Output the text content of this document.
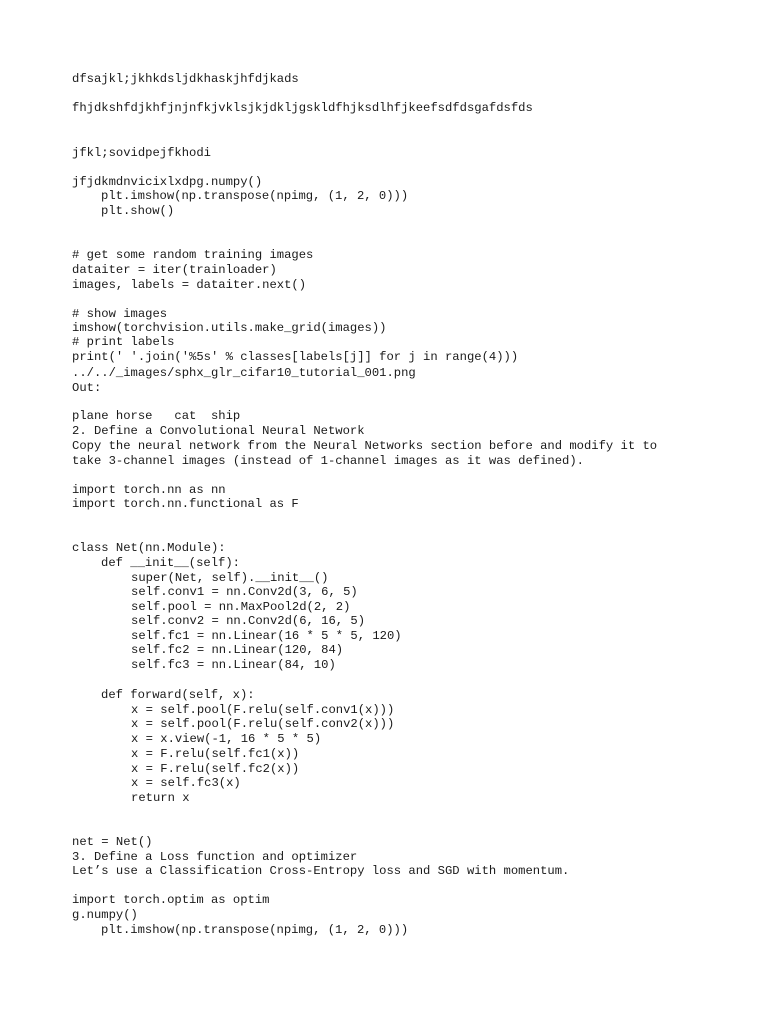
dfsajkl;jkhkdsljdkhaskjhfdjkads

fhjdkshfdjkhfjnjnfkjvklsjkjdkljgskldfhjksdlhfjkeefsdfdsgafdsfds

jfkl;sovidpejfkhodi

jfjdkmdnvicixlxdpg.numpy()

plt.imshow(np.transpose(npimg, (1, 2, 0)))

plt.show()

# get some random training images

dataiter = iter(trainloader)

images, labels = dataiter.next()

# show images

imshow(torchvision.utils.make_grid(images))

# print labels

print(' '.join('%5s' % classes[labels[j]] for j in range(4)))

../../_images/sphx_glr_cifar10_tutorial_001.png

Out:

plane horse   cat  ship

2. Define a Convolutional Neural Network

Copy the neural network from the Neural Networks section before and modify it to

take 3-channel images (instead of 1-channel images as it was defined).

import torch.nn as nn

import torch.nn.functional as F

class Net(nn.Module):

def __init__(self):

super(Net, self).__init__()

self.conv1 = nn.Conv2d(3, 6, 5)

self.pool = nn.MaxPool2d(2, 2)

self.conv2 = nn.Conv2d(6, 16, 5)

self.fc1 = nn.Linear(16 * 5 * 5, 120)

self.fc2 = nn.Linear(120, 84)

self.fc3 = nn.Linear(84, 10)

def forward(self, x):

x = self.pool(F.relu(self.conv1(x)))

x = self.pool(F.relu(self.conv2(x)))

x = x.view(-1, 16 * 5 * 5)

x = F.relu(self.fc1(x))

x = F.relu(self.fc2(x))

x = self.fc3(x)

return x

net = Net()

3. Define a Loss function and optimizer

Let’s use a Classification Cross-Entropy loss and SGD with momentum.

import torch.optim as optim

g.numpy()

plt.imshow(np.transpose(npimg, (1, 2, 0)))
